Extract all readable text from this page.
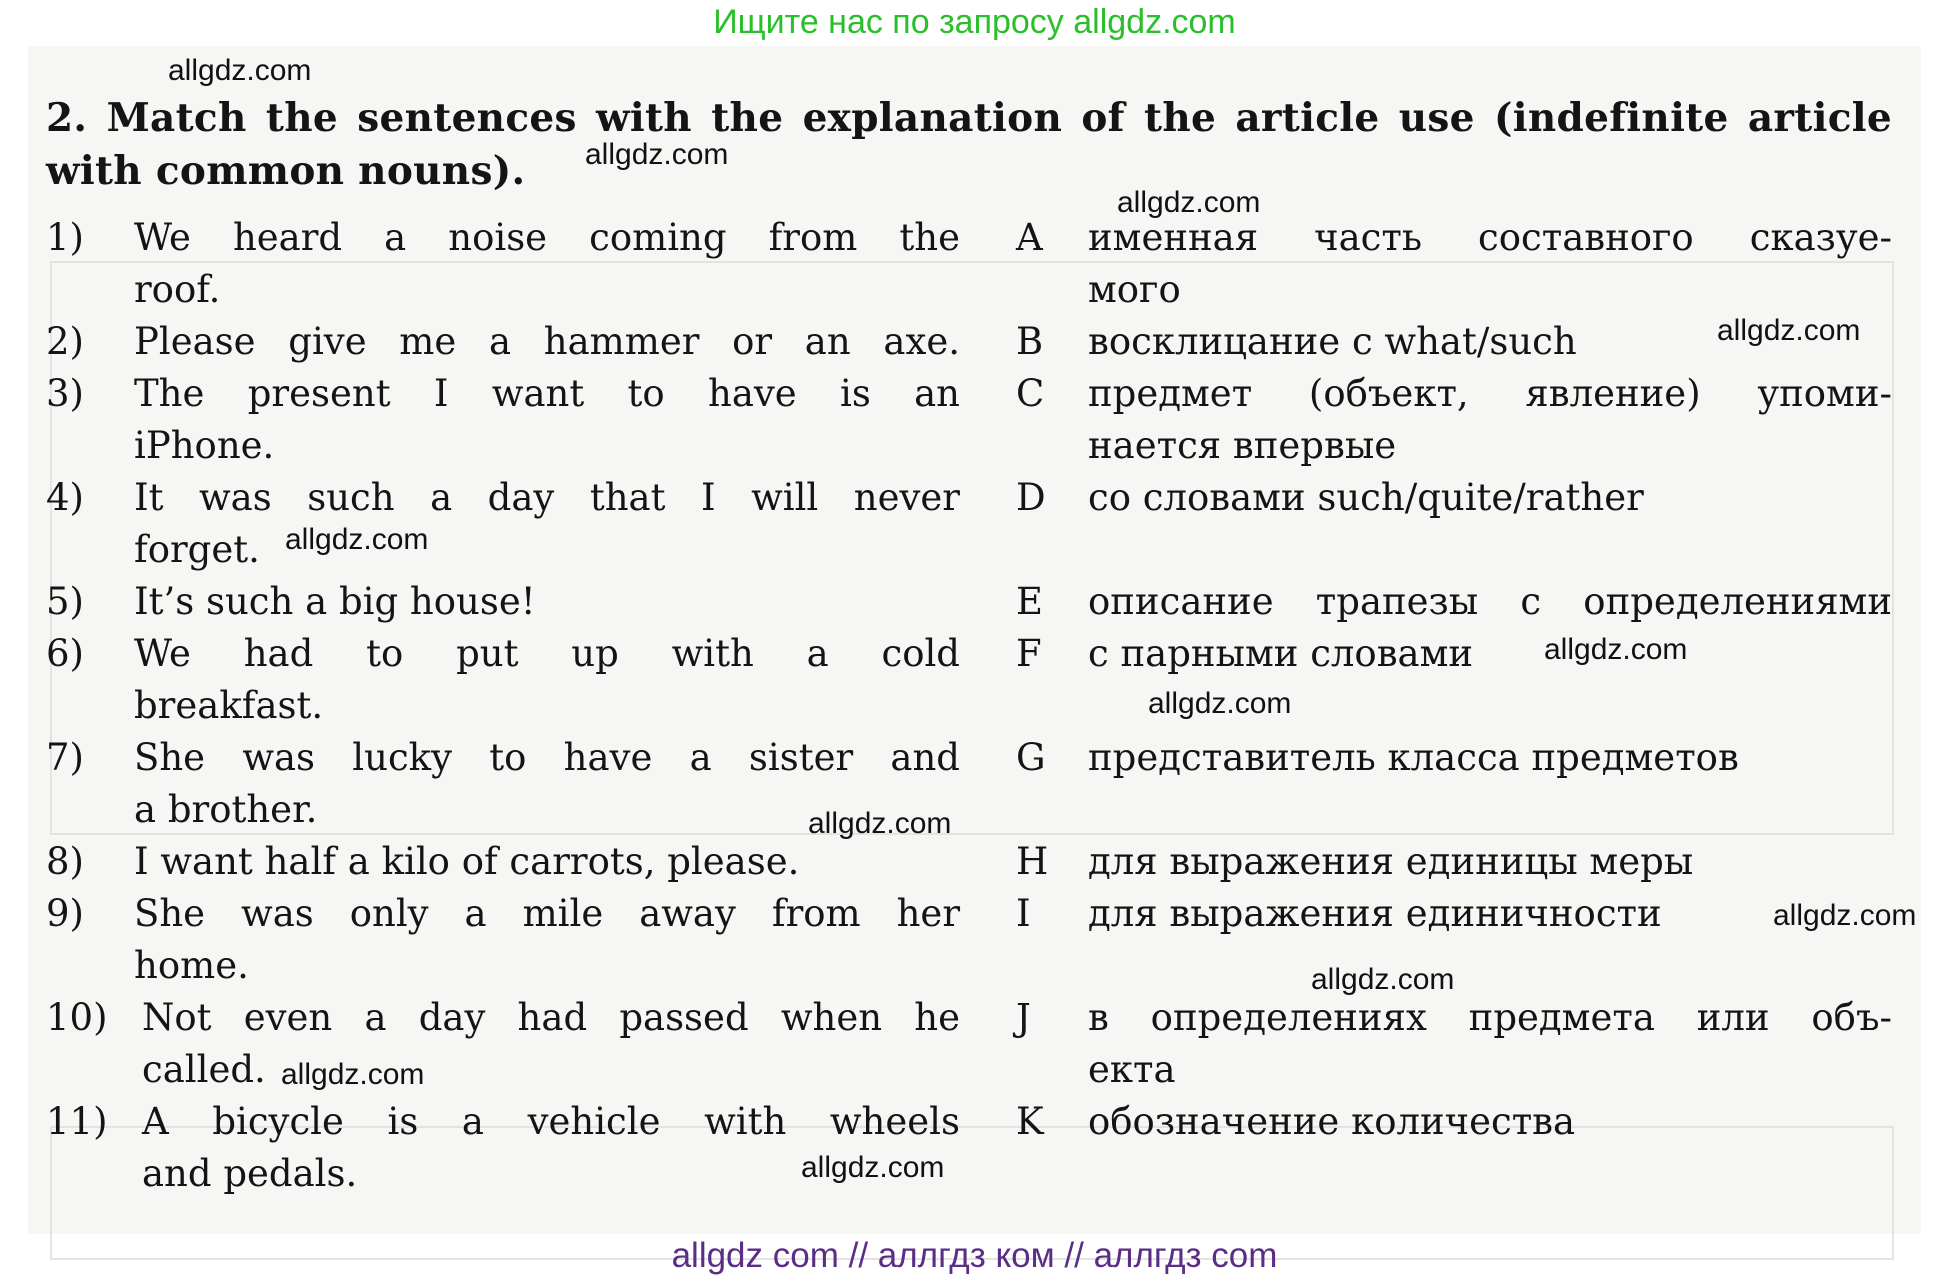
Ищите нас по запросу allgdz.com
2. Match the sentences with the explanation of the article use (indefinite article with common nouns).
1) We heard a noise coming from the
roof.
A именная часть составного сказуе-
мого
2) Please give me a hammer or an axe. B восклицание с what/such
3) The present I want to have is an
iPhone.
C предмет (объект, явление) упоми-
нается впервые
4) It was such a day that I will never
forget.
D со словами such/quite/rather
5) It’s such a big house!	E описание трапезы с определениями
6) We had to put up with a cold
breakfast.
F с парными словами
7) She was lucky to have a sister and
a brother.
G представитель класса предметов
8) I want half a kilo of carrots, please.	H для выражения единицы меры
9) She was only a mile away from her
home.
I для выражения единичности
10) Not even a day had passed when he
called.
J в определениях предмета или объ-
екта
11) A bicycle is a vehicle with wheels
and pedals.
K обозначение количества
allgdz.com
allgdz.com
allgdz.com
allgdz.com
allgdz.com
allgdz.com
allgdz.com
allgdz.com
allgdz.com
allgdz.com
allgdz.com
allgdz.com
allgdz com // аллгдз ком // аллгдз com
